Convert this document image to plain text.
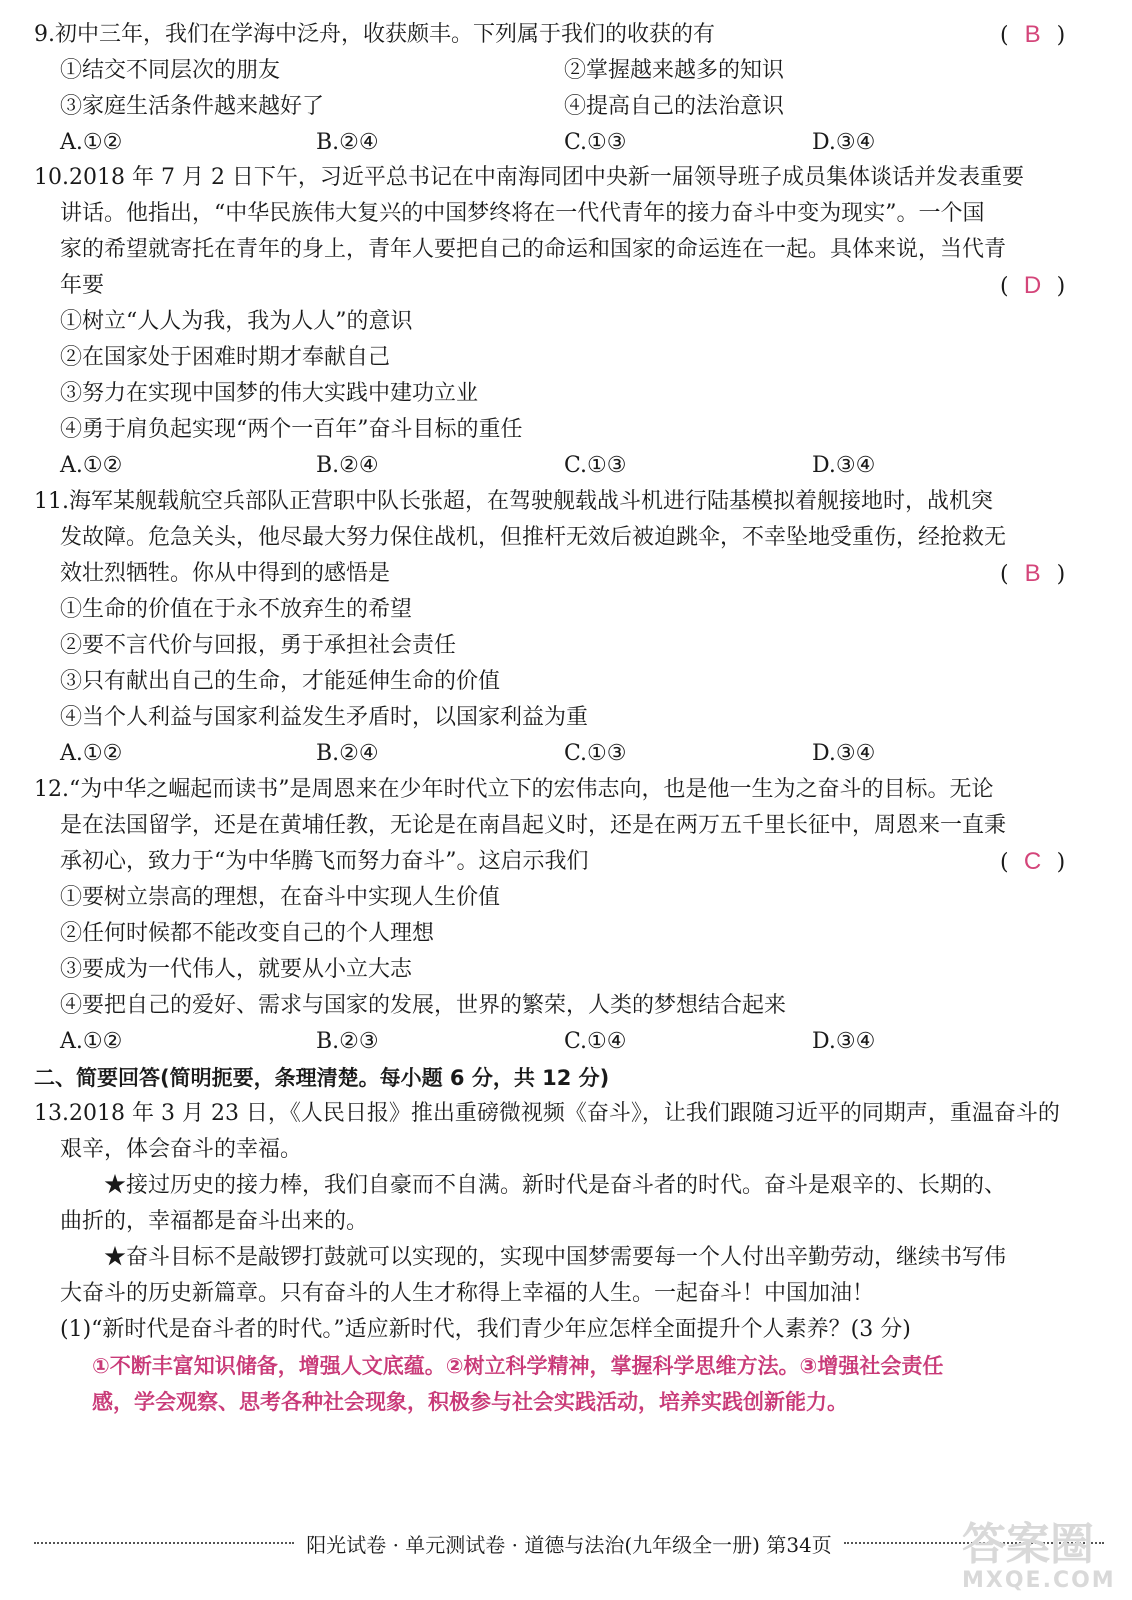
9.初中三年，我们在学海中泛舟，收获颇丰。下列属于我们的收获的有	( B )
①结交不同层次的朋友	②掌握越来越多的知识
③家庭生活条件越来越好了	④提高自己的法治意识
A.①②	B.②④	C.①③	D.③④
10.2018 年 7 月 2 日下午，习近平总书记在中南海同团中央新一届领导班子成员集体谈话并发表重要
讲话。他指出，“中华民族伟大复兴的中国梦终将在一代代青年的接力奋斗中变为现实”。一个国
家的希望就寄托在青年的身上，青年人要把自己的命运和国家的命运连在一起。具体来说，当代青
年要	( D )
①树立“人人为我，我为人人”的意识
②在国家处于困难时期才奉献自己
③努力在实现中国梦的伟大实践中建功立业
④勇于肩负起实现“两个一百年”奋斗目标的重任
A.①②	B.②④	C.①③	D.③④
11.海军某舰载航空兵部队正营职中队长张超，在驾驶舰载战斗机进行陆基模拟着舰接地时，战机突
发故障。危急关头，他尽最大努力保住战机，但推杆无效后被迫跳伞，不幸坠地受重伤，经抢救无
效壮烈牺牲。你从中得到的感悟是	( B )
①生命的价值在于永不放弃生的希望
②要不言代价与回报，勇于承担社会责任
③只有献出自己的生命，才能延伸生命的价值
④当个人利益与国家利益发生矛盾时，以国家利益为重
A.①②	B.②④	C.①③	D.③④
12.“为中华之崛起而读书”是周恩来在少年时代立下的宏伟志向，也是他一生为之奋斗的目标。无论
是在法国留学，还是在黄埔任教，无论是在南昌起义时，还是在两万五千里长征中，周恩来一直秉
承初心，致力于“为中华腾飞而努力奋斗”。这启示我们	( C )
①要树立崇高的理想，在奋斗中实现人生价值
②任何时候都不能改变自己的个人理想
③要成为一代伟人，就要从小立大志
④要把自己的爱好、需求与国家的发展，世界的繁荣，人类的梦想结合起来
A.①②	B.②③	C.①④	D.③④
二、简要回答(简明扼要，条理清楚。每小题 6 分，共 12 分)
13.2018 年 3 月 23 日，《人民日报》推出重磅微视频《奋斗》，让我们跟随习近平的同期声，重温奋斗的
艰辛，体会奋斗的幸福。
★接过历史的接力棒，我们自豪而不自满。新时代是奋斗者的时代。奋斗是艰辛的、长期的、
曲折的，幸福都是奋斗出来的。
★奋斗目标不是敲锣打鼓就可以实现的，实现中国梦需要每一个人付出辛勤劳动，继续书写伟
大奋斗的历史新篇章。只有奋斗的人生才称得上幸福的人生。一起奋斗！中国加油！
(1)“新时代是奋斗者的时代。”适应新时代，我们青少年应怎样全面提升个人素养？(3 分)
①不断丰富知识储备，增强人文底蕴。②树立科学精神，掌握科学思维方法。③增强社会责任
感，学会观察、思考各种社会现象，积极参与社会实践活动，培养实践创新能力。
阳光试卷 · 单元测试卷 · 道德与法治(九年级全一册) 第34页	答案圈
MXQE.COM
